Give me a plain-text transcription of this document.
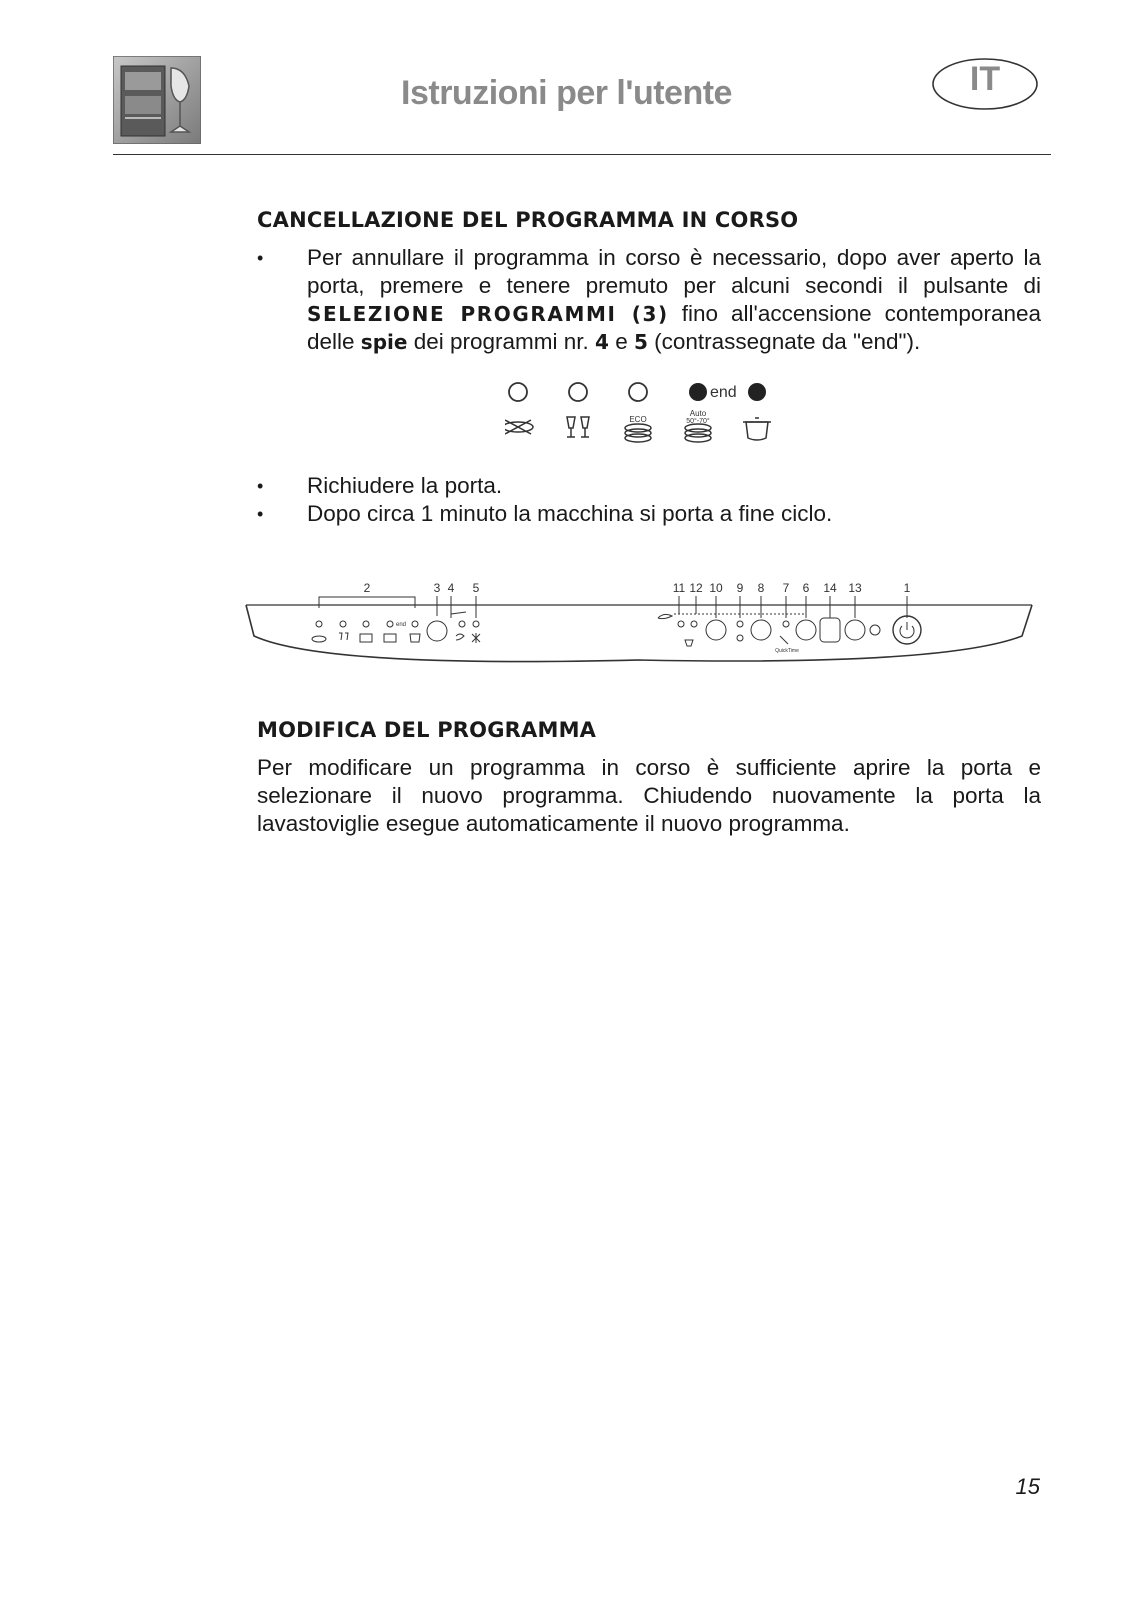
Istruzioni per l'utente	IT

CANCELLAZIONE DEL PROGRAMMA IN CORSO

• Per annullare il programma in corso è necessario, dopo aver aperto la porta, premere e tenere premuto per alcuni secondi il pulsante di SELEZIONE PROGRAMMI (3) fino all'accensione contemporanea delle spie dei programmi nr. 4 e 5 (contrassegnate da "end").
end
ECO
Auto
50°-70°
• Richiudere la porta.
• Dopo circa 1 minuto la macchina si porta a fine ciclo.
2	3 4 5
end
11 12 10 9 8 7 6 14 13	1
QuickTime

MODIFICA DEL PROGRAMMA

Per modificare un programma in corso è sufficiente aprire la porta e selezionare il nuovo programma. Chiudendo nuovamente la porta la lavastoviglie esegue automaticamente il nuovo programma.

15
